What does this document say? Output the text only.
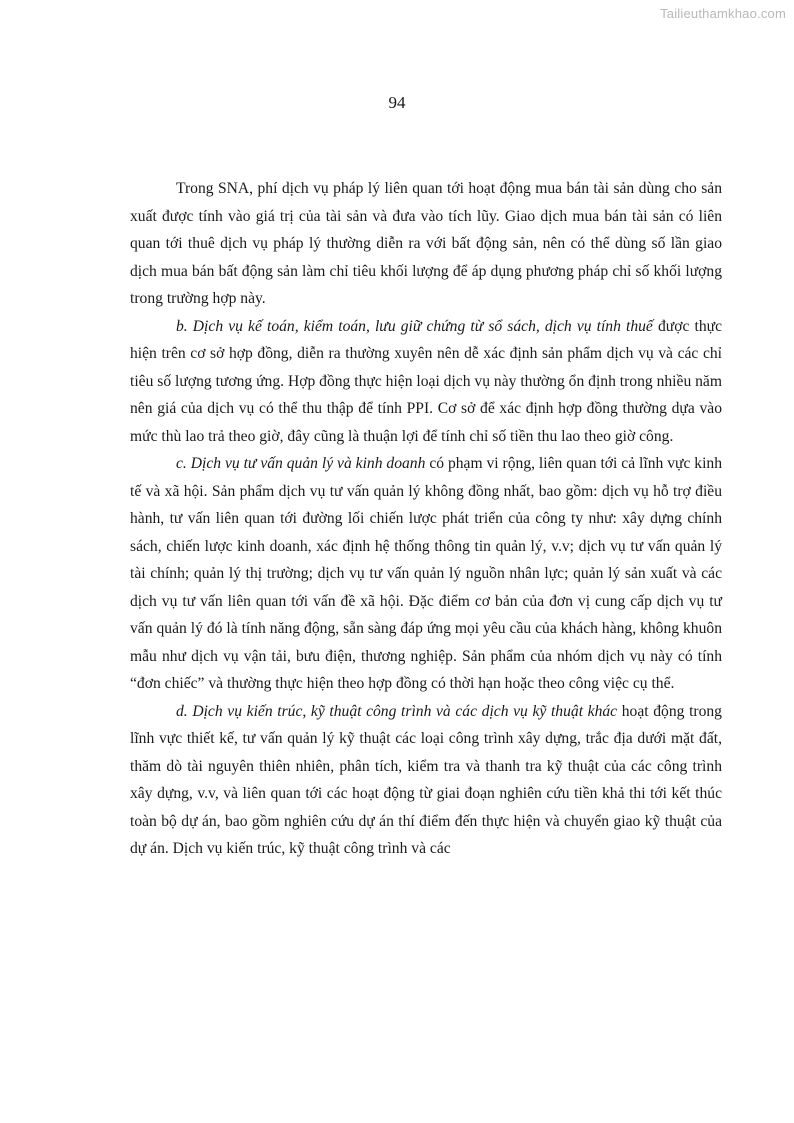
Tailieuthamkhao.com
94

Trong SNA, phí dịch vụ pháp lý liên quan tới hoạt động mua bán tài sản dùng cho sản xuất được tính vào giá trị của tài sản và đưa vào tích lũy. Giao dịch mua bán tài sản có liên quan tới thuê dịch vụ pháp lý thường diễn ra với bất động sản, nên có thể dùng số lần giao dịch mua bán bất động sản làm chỉ tiêu khối lượng để áp dụng phương pháp chỉ số khối lượng trong trường hợp này.

b. Dịch vụ kế toán, kiểm toán, lưu giữ chứng từ sổ sách, dịch vụ tính thuế được thực hiện trên cơ sở hợp đồng, diễn ra thường xuyên nên dễ xác định sản phẩm dịch vụ và các chỉ tiêu số lượng tương ứng. Hợp đồng thực hiện loại dịch vụ này thường ổn định trong nhiều năm nên giá của dịch vụ có thể thu thập để tính PPI. Cơ sở để xác định hợp đồng thường dựa vào mức thù lao trả theo giờ, đây cũng là thuận lợi để tính chỉ số tiền thu lao theo giờ công.

c. Dịch vụ tư vấn quản lý và kinh doanh có phạm vi rộng, liên quan tới cả lĩnh vực kinh tế và xã hội. Sản phẩm dịch vụ tư vấn quản lý không đồng nhất, bao gồm: dịch vụ hỗ trợ điều hành, tư vấn liên quan tới đường lối chiến lược phát triển của công ty như: xây dựng chính sách, chiến lược kinh doanh, xác định hệ thống thông tin quản lý, v.v; dịch vụ tư vấn quản lý tài chính; quản lý thị trường; dịch vụ tư vấn quản lý nguồn nhân lực; quản lý sản xuất và các dịch vụ tư vấn liên quan tới vấn đề xã hội. Đặc điểm cơ bản của đơn vị cung cấp dịch vụ tư vấn quản lý đó là tính năng động, sẵn sàng đáp ứng mọi yêu cầu của khách hàng, không khuôn mẫu như dịch vụ vận tải, bưu điện, thương nghiệp. Sản phẩm của nhóm dịch vụ này có tính “đơn chiếc” và thường thực hiện theo hợp đồng có thời hạn hoặc theo công việc cụ thể.

d. Dịch vụ kiến trúc, kỹ thuật công trình và các dịch vụ kỹ thuật khác hoạt động trong lĩnh vực thiết kế, tư vấn quản lý kỹ thuật các loại công trình xây dựng, trắc địa dưới mặt đất, thăm dò tài nguyên thiên nhiên, phân tích, kiểm tra và thanh tra kỹ thuật của các công trình xây dựng, v.v, và liên quan tới các hoạt động từ giai đoạn nghiên cứu tiền khả thi tới kết thúc toàn bộ dự án, bao gồm nghiên cứu dự án thí điểm đến thực hiện và chuyển giao kỹ thuật của dự án. Dịch vụ kiến trúc, kỹ thuật công trình và các
